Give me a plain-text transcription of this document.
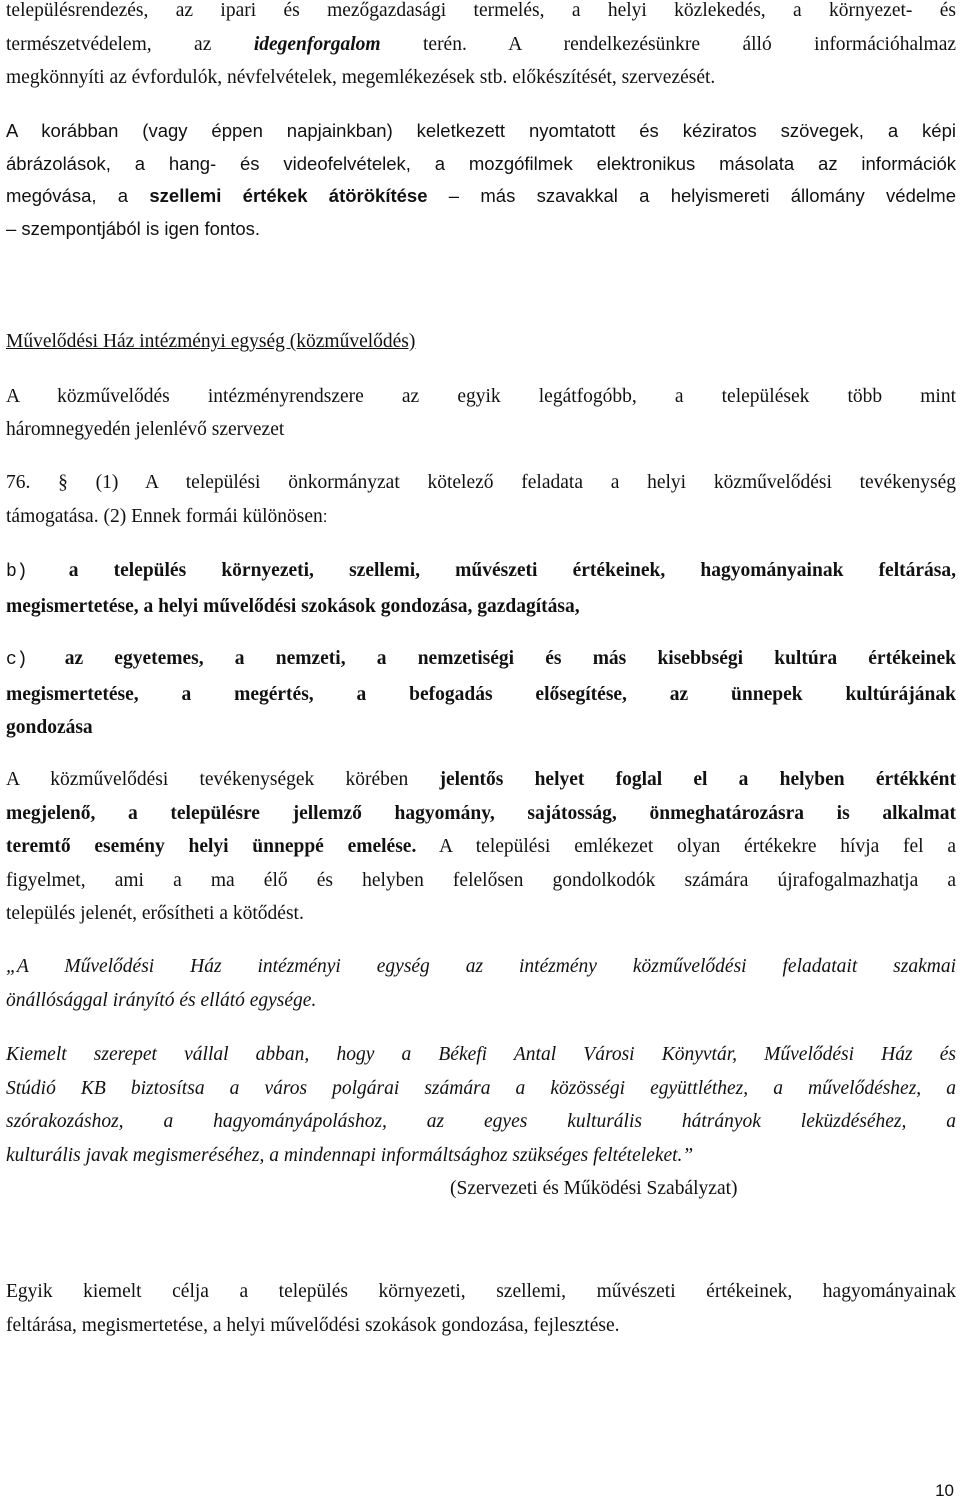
településrendezés, az ipari és mezőgazdasági termelés, a helyi közlekedés, a környezet- és
természetvédelem, az idegenforgalom terén. A rendelkezésünkre álló információhalmaz
megkönnyíti az évfordulók, névfelvételek, megemlékezések stb. előkészítését, szervezését.
A korábban (vagy éppen napjainkban) keletkezett nyomtatott és kéziratos szövegek, a képi
ábrázolások, a hang- és videofelvételek, a mozgófilmek elektronikus másolata az információk
megóvása, a szellemi értékek átörökítése – más szavakkal a helyismereti állomány védelme
– szempontjából is igen fontos.
Művelődési Ház intézményi egység (közművelődés)
A közművelődés intézményrendszere az egyik legátfogóbb, a települések több mint
háromnegyedén jelenlévő szervezet
76. § (1) A települési önkormányzat kötelező feladata a helyi közművelődési tevékenység
támogatása. (2) Ennek formái különösen:
b) a település környezeti, szellemi, művészeti értékeinek, hagyományainak feltárása,
megismertetése, a helyi művelődési szokások gondozása, gazdagítása,
c) az egyetemes, a nemzeti, a nemzetiségi és más kisebbségi kultúra értékeinek
megismertetése, a megértés, a befogadás elősegítése, az ünnepek kultúrájának
gondozása
A közművelődési tevékenységek körében jelentős helyet foglal el a helyben értékként
megjelenő, a településre jellemző hagyomány, sajátosság, önmeghatározásra is alkalmat
teremtő esemény helyi ünneppé emelése. A települési emlékezet olyan értékekre hívja fel a
figyelmet, ami a ma élő és helyben felelősen gondolkodók számára újrafogalmazhatja a
település jelenét, erősítheti a kötődést.
„A Művelődési Ház intézményi egység az intézmény közművelődési feladatait szakmai
önállósággal irányító és ellátó egysége.
Kiemelt szerepet vállal abban, hogy a Békefi Antal Városi Könyvtár, Művelődési Ház és
Stúdió KB biztosítsa a város polgárai számára a közösségi együttléthez, a művelődéshez, a
szórakozáshoz, a hagyományápoláshoz, az egyes kulturális hátrányok leküzdéséhez, a
kulturális javak megismeréséhez, a mindennapi informáltsághoz szükséges feltételeket.”
(Szervezeti és Működési Szabályzat)
Egyik kiemelt célja a település környezeti, szellemi, művészeti értékeinek, hagyományainak
feltárása, megismertetése, a helyi művelődési szokások gondozása, fejlesztése.
10
